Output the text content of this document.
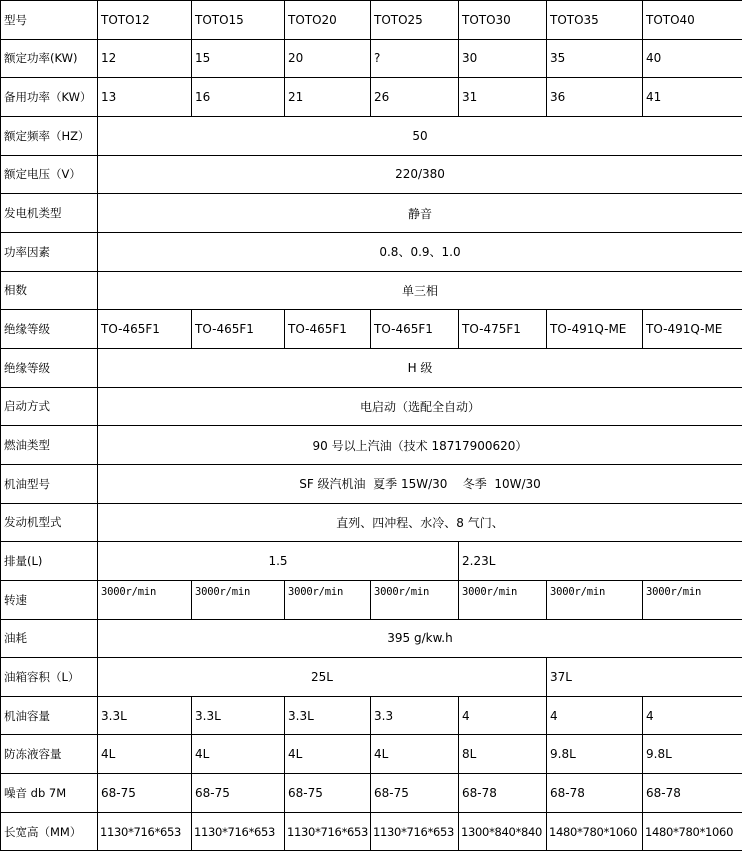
型号	TOTO12	TOTO15	TOTO20	TOTO25	TOTO30	TOTO35	TOTO40
额定功率(KW)	12	15	20	?	30	35	40
备用功率（KW）	13	16	21	26	31	36	41
额定频率（HZ）	50						
额定电压（V）	220/380						
发电机类型	静音						
功率因素	0.8、0.9、1.0						
相数	单三相						
绝缘等级	TO-465F1	TO-465F1	TO-465F1	TO-465F1	TO-475F1	TO-491Q-ME	TO-491Q-ME
绝缘等级	H 级						
启动方式	电启动（选配全自动）						
燃油类型	90 号以上汽油（技术 18717900620）						
机油型号	SF 级汽机油  夏季 15W/30    冬季  10W/30						
发动机型式	直列、四冲程、水冷、8 气门、						
排量(L)	1.5				2.23L		
转速	3000r/min	3000r/min	3000r/min	3000r/min	3000r/min	3000r/min	3000r/min
油耗	395 g/kw.h						
油箱容积（L）	25L					37L	
机油容量	3.3L	3.3L	3.3L	3.3	4	4	4
防冻液容量	4L	4L	4L	4L	8L	9.8L	9.8L
噪音 db 7M	68-75	68-75	68-75	68-75	68-78	68-78	68-78
长宽高（MM）	1130*716*653	1130*716*653	1130*716*653	1130*716*653	1300*840*840	1480*780*1060	1480*780*1060
